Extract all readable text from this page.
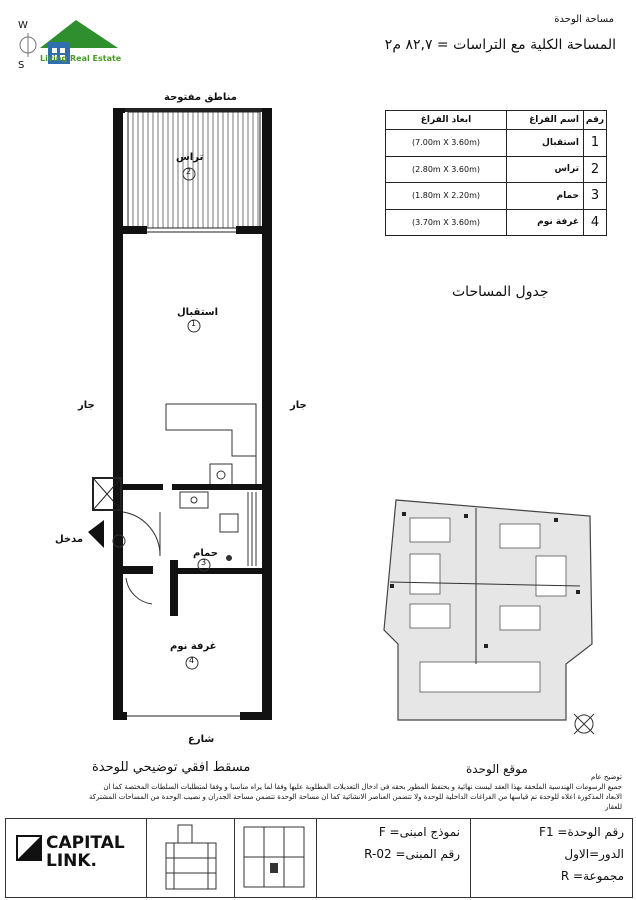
مساحة الوحدة
المساحة الكلية مع التراسات = ٨٢,٧ م٢
W
S
Living Real Estate
رقم	اسم الفراغ	ابعاد الفراغ
1	استقبال	(7.00m X 3.60m)
2	تراس	(2.80m X 3.60m)
3	حمام	(1.80m X 2.20m)
4	غرفة نوم	(3.70m X 3.60m)
جدول المساحات
مناطق مفتوحة
تراس
2
استقبال
1
جار	جار
مدخل	F1
حمام
3
غرفة نوم
4
شارع
مسقط افقي توضيحي للوحدة	موقع الوحدة
توضيح عام
جميع الرسومات الهندسية الملحقة بهذا العقد ليست نهائية و يحتفظ المطور بحقه في ادخال التعديلات المطلوبة عليها وفقا لما يراه مناسبا و وفقا لمتطلبات السلطات المختصة كما ان
الابعاد المذكورة اعلاه للوحدة تم قياسها من الفراغات الداخلية للوحدة ولا تتضمن العناصر الانشائية كما ان مساحة الوحدة تتضمن مساحة الجدران و نصيب الوحدة من المساحات المشتركة
للعقار
CAPITAL
LINK.
نموذج امبنى= F
رقم المبنى= R-02
رقم الوحدة= F1
الدور=الاول
مجموعة= R
